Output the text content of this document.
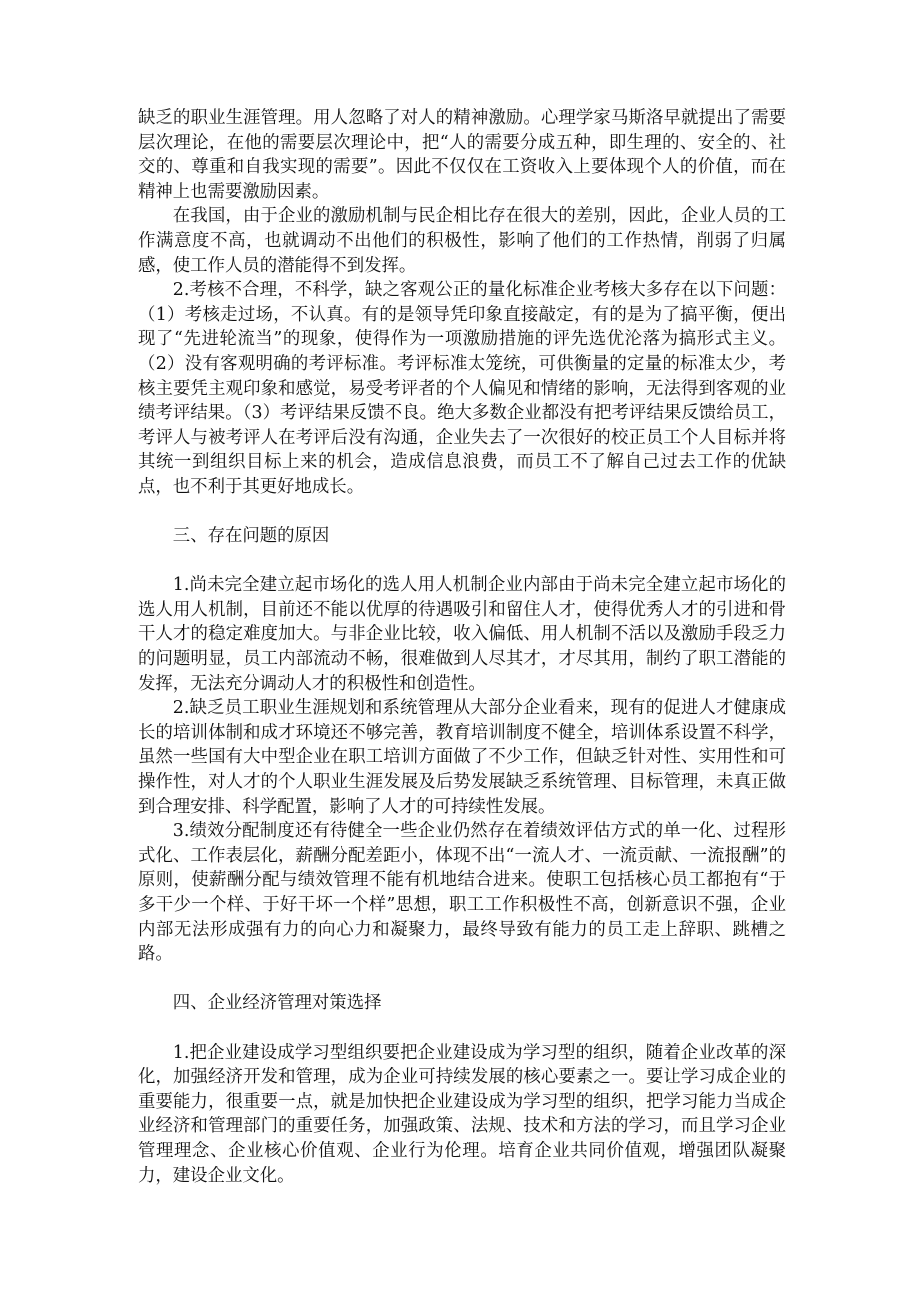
缺乏的职业生涯管理。用人忽略了对人的精神激励。心理学家马斯洛早就提出了需要层次理论，在他的需要层次理论中，把“人的需要分成五种，即生理的、安全的、社交的、尊重和自我实现的需要”。因此不仅仅在工资收入上要体现个人的价值，而在精神上也需要激励因素。

在我国，由于企业的激励机制与民企相比存在很大的差别，因此，企业人员的工作满意度不高，也就调动不出他们的积极性，影响了他们的工作热情，削弱了归属感，使工作人员的潜能得不到发挥。

2.考核不合理，不科学，缺之客观公正的量化标准企业考核大多存在以下问题：（1）考核走过场，不认真。有的是领导凭印象直接敲定，有的是为了搞平衡，便出现了“先进轮流当”的现象，使得作为一项激励措施的评先选优沦落为搞形式主义。（2）没有客观明确的考评标准。考评标准太笼统，可供衡量的定量的标准太少，考核主要凭主观印象和感觉，易受考评者的个人偏见和情绪的影响，无法得到客观的业绩考评结果。（3）考评结果反馈不良。绝大多数企业都没有把考评结果反馈给员工，考评人与被考评人在考评后没有沟通，企业失去了一次很好的校正员工个人目标并将其统一到组织目标上来的机会，造成信息浪费，而员工不了解自己过去工作的优缺点，也不利于其更好地成长。

三、存在问题的原因

1.尚未完全建立起市场化的选人用人机制企业内部由于尚未完全建立起市场化的选人用人机制，目前还不能以优厚的待遇吸引和留住人才，使得优秀人才的引进和骨干人才的稳定难度加大。与非企业比较，收入偏低、用人机制不活以及激励手段乏力的问题明显，员工内部流动不畅，很难做到人尽其才，才尽其用，制约了职工潜能的发挥，无法充分调动人才的积极性和创造性。

2.缺乏员工职业生涯规划和系统管理从大部分企业看来，现有的促进人才健康成长的培训体制和成才环境还不够完善，教育培训制度不健全，培训体系设置不科学，虽然一些国有大中型企业在职工培训方面做了不少工作，但缺乏针对性、实用性和可操作性，对人才的个人职业生涯发展及后势发展缺乏系统管理、目标管理，未真正做到合理安排、科学配置，影响了人才的可持续性发展。

3.绩效分配制度还有待健全一些企业仍然存在着绩效评估方式的单一化、过程形式化、工作表层化，薪酬分配差距小，体现不出“一流人才、一流贡献、一流报酬”的原则，使薪酬分配与绩效管理不能有机地结合进来。使职工包括核心员工都抱有“于多干少一个样、于好干坏一个样”思想，职工工作积极性不高，创新意识不强，企业内部无法形成强有力的向心力和凝聚力，最终导致有能力的员工走上辞职、跳槽之路。

四、企业经济管理对策选择

1.把企业建设成学习型组织要把企业建设成为学习型的组织，随着企业改革的深化，加强经济开发和管理，成为企业可持续发展的核心要素之一。要让学习成企业的重要能力，很重要一点，就是加快把企业建设成为学习型的组织，把学习能力当成企业经济和管理部门的重要任务，加强政策、法规、技术和方法的学习，而且学习企业管理理念、企业核心价值观、企业行为伦理。培育企业共同价值观，增强团队凝聚力，建设企业文化。
